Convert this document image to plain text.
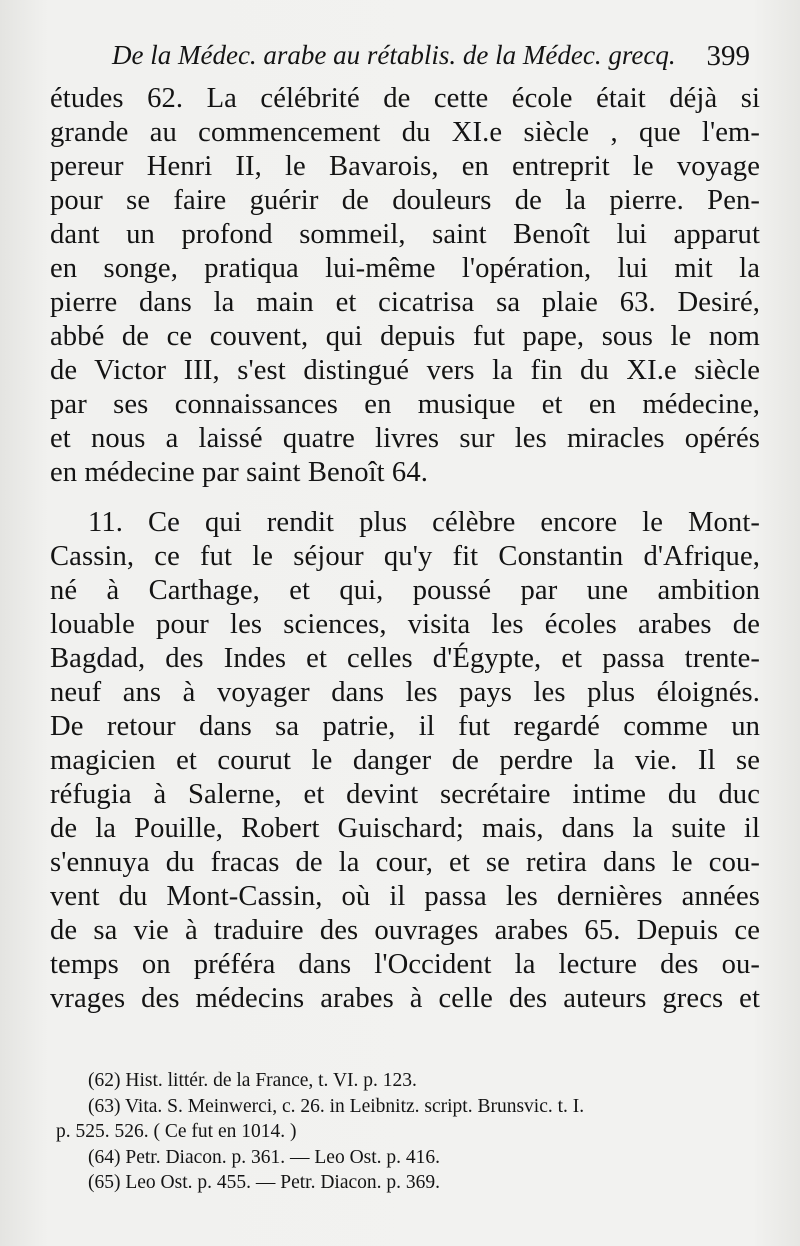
De la Médec. arabe au rétablis. de la Médec. grecq. 399
études 62. La célébrité de cette école était déjà si
grande au commencement du XI.e siècle , que l'em-
pereur Henri II, le Bavarois, en entreprit le voyage
pour se faire guérir de douleurs de la pierre. Pen-
dant un profond sommeil, saint Benoît lui apparut
en songe, pratiqua lui-même l'opération, lui mit la
pierre dans la main et cicatrisa sa plaie 63. Desiré,
abbé de ce couvent, qui depuis fut pape, sous le nom
de Victor III, s'est distingué vers la fin du XI.e siècle
par ses connaissances en musique et en médecine,
et nous a laissé quatre livres sur les miracles opérés
en médecine par saint Benoît 64.
11. Ce qui rendit plus célèbre encore le Mont-
Cassin, ce fut le séjour qu'y fit Constantin d'Afrique,
né à Carthage, et qui, poussé par une ambition
louable pour les sciences, visita les écoles arabes de
Bagdad, des Indes et celles d'Égypte, et passa trente-
neuf ans à voyager dans les pays les plus éloignés.
De retour dans sa patrie, il fut regardé comme un
magicien et courut le danger de perdre la vie. Il se
réfugia à Salerne, et devint secrétaire intime du duc
de la Pouille, Robert Guischard; mais, dans la suite il
s'ennuya du fracas de la cour, et se retira dans le cou-
vent du Mont-Cassin, où il passa les dernières années
de sa vie à traduire des ouvrages arabes 65. Depuis ce
temps on préféra dans l'Occident la lecture des ou-
vrages des médecins arabes à celle des auteurs grecs et
(62) Hist. littér. de la France, t. VI. p. 123.
(63) Vita. S. Meinwerci, c. 26. in Leibnitz. script. Brunsvic. t. I.
p. 525. 526. ( Ce fut en 1014. )
(64) Petr. Diacon. p. 361. — Leo Ost. p. 416.
(65) Leo Ost. p. 455. — Petr. Diacon. p. 369.
